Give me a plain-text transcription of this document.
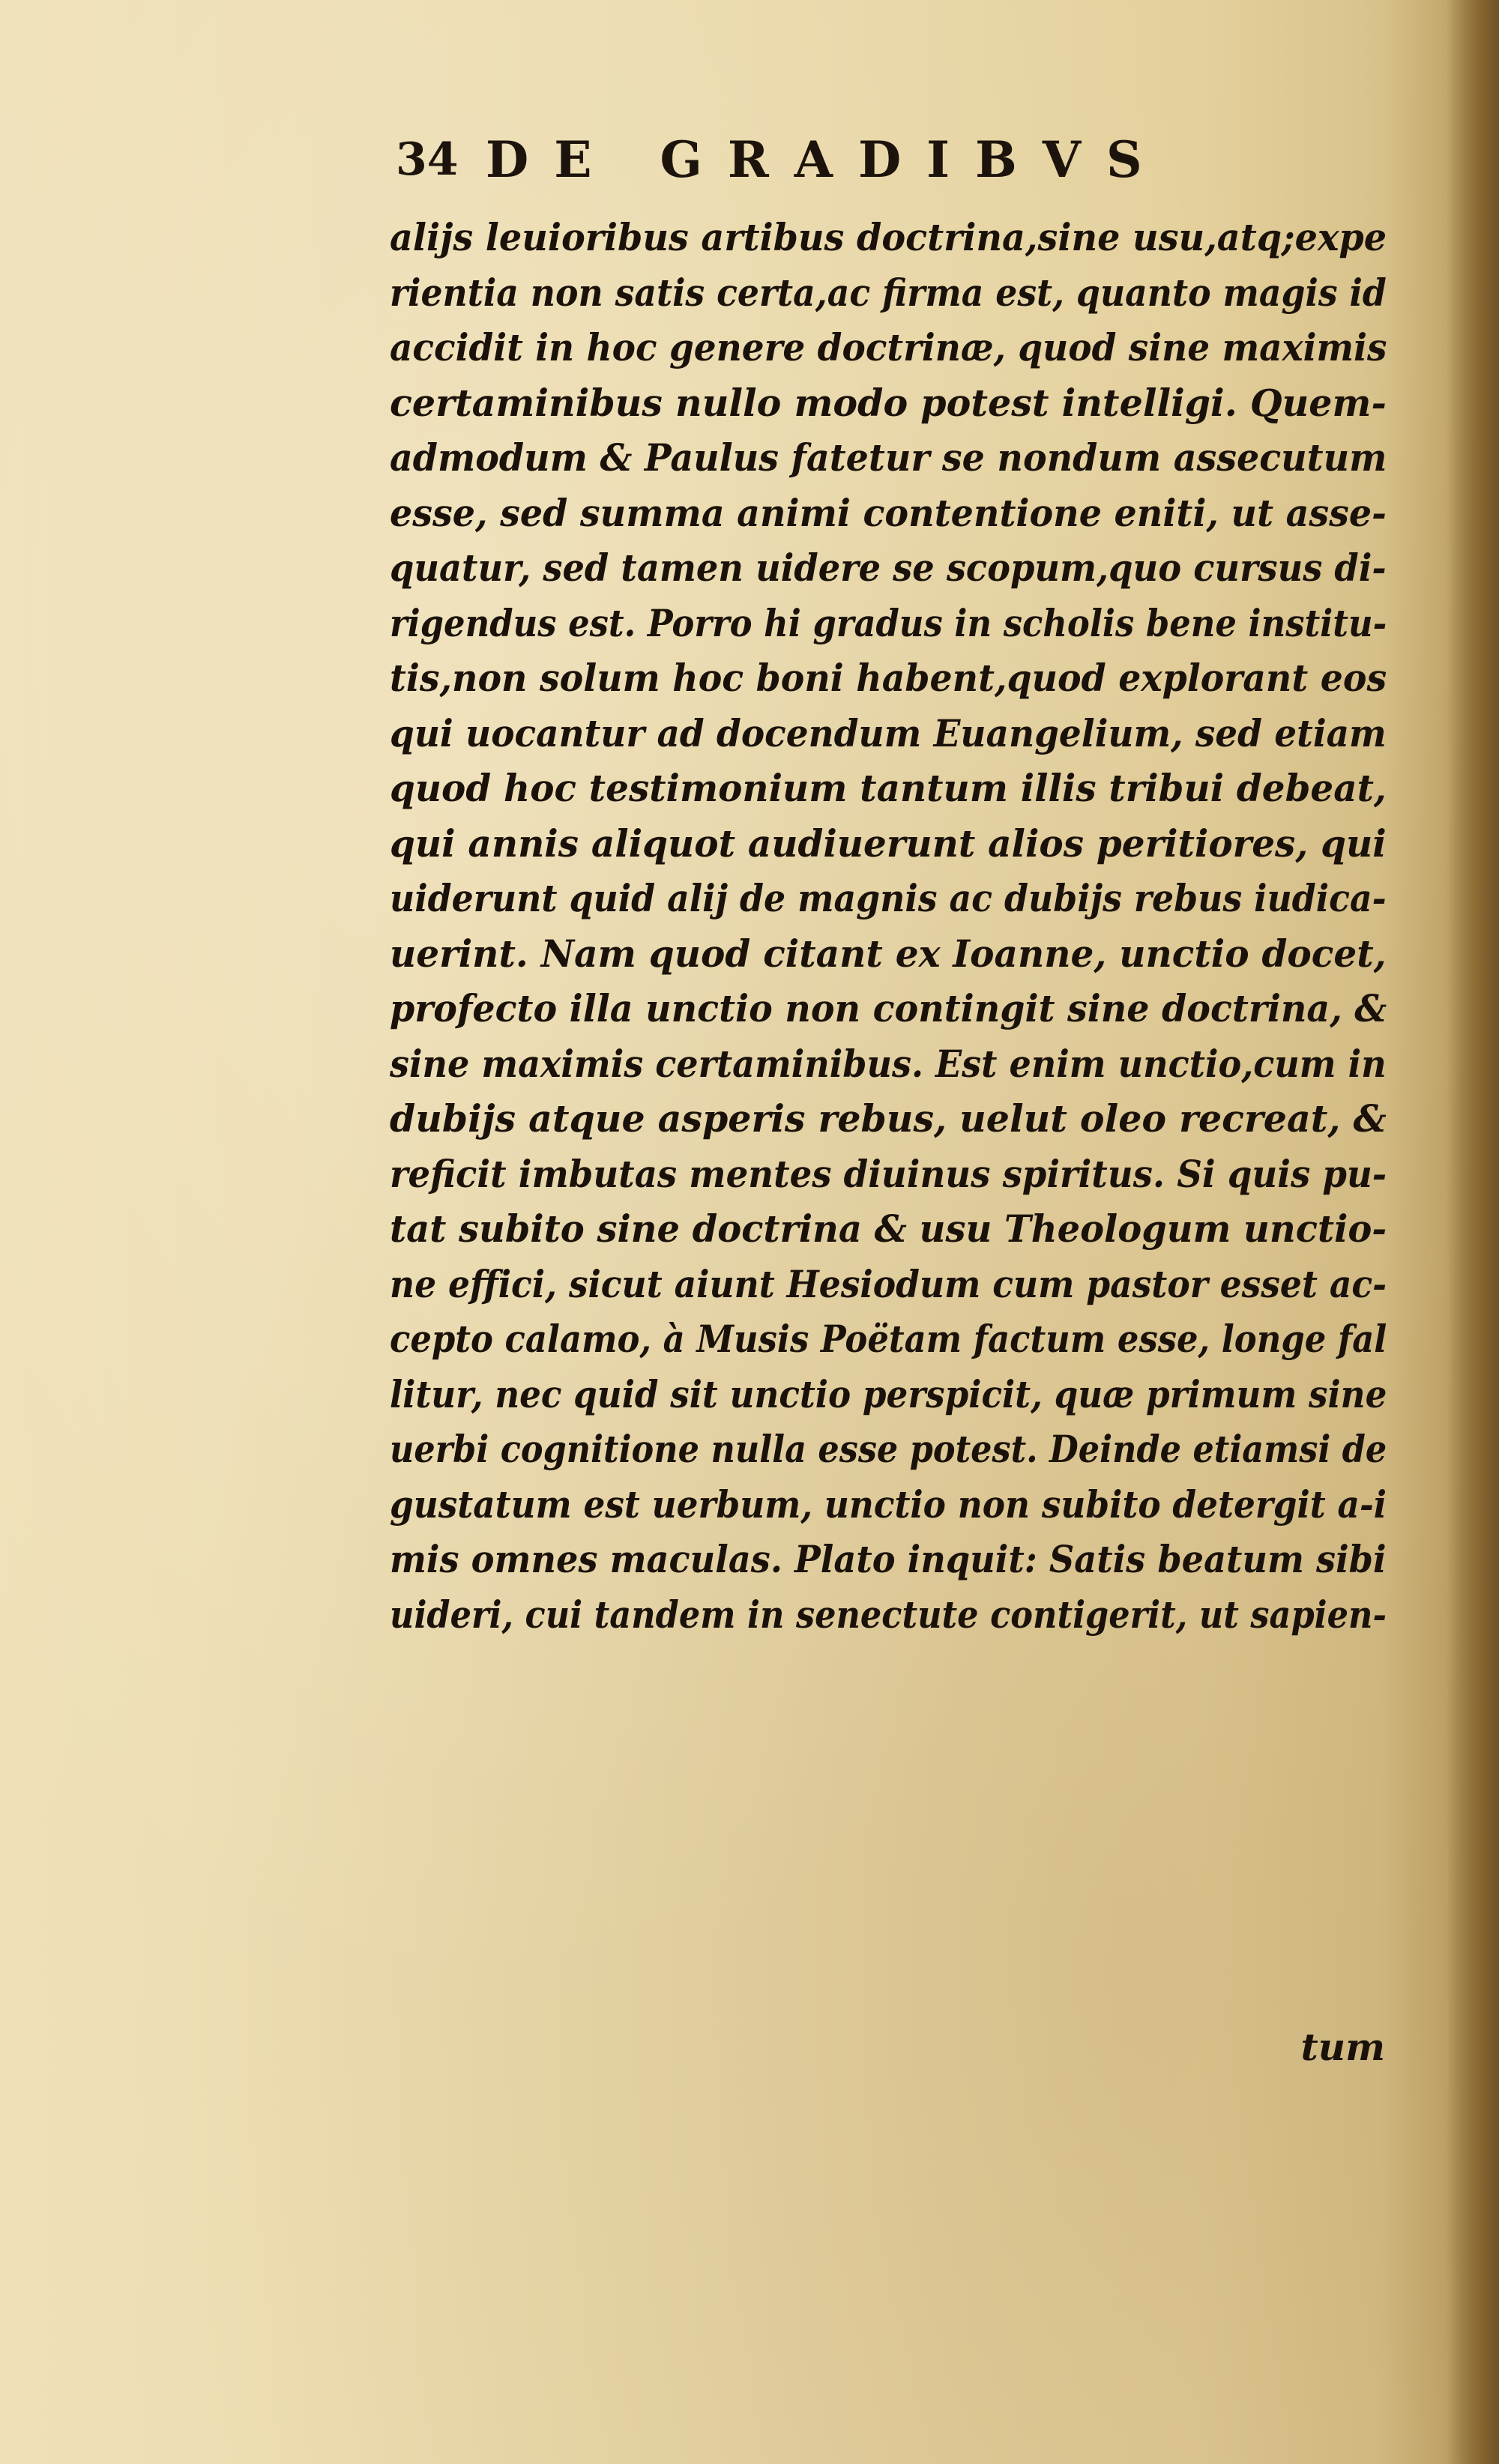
34 DE GRADIBVS
alijs leuioribus artibus doctrina,sine usu,atq;expe
rientia non satis certa,ac firma est, quanto magis id
accidit in hoc genere doctrinæ, quod sine maximis
certaminibus nullo modo potest intelligi. Quem-
admodum & Paulus fatetur se nondum assecutum
esse, sed summa animi contentione eniti, ut asse-
quatur, sed tamen uidere se scopum,quo cursus di-
rigendus est. Porro hi gradus in scholis bene institu-
tis,non solum hoc boni habent,quod explorant eos
qui uocantur ad docendum Euangelium, sed etiam
quod hoc testimonium tantum illis tribui debeat,
qui annis aliquot audiuerunt alios peritiores, qui
uiderunt quid alij de magnis ac dubijs rebus iudica-
uerint. Nam quod citant ex Ioanne, unctio docet,
profecto illa unctio non contingit sine doctrina, &
sine maximis certaminibus. Est enim unctio,cum in
dubijs atque asperis rebus, uelut oleo recreat, &
reficit imbutas mentes diuinus spiritus. Si quis pu-
tat subito sine doctrina & usu Theologum unctio-
ne effici, sicut aiunt Hesiodum cum pastor esset ac-
cepto calamo, à Musis Poëtam factum esse, longe fal
litur, nec quid sit unctio perspicit, quæ primum sine
uerbi cognitione nulla esse potest. Deinde etiamsi de
gustatum est uerbum, unctio non subito detergit a-i
mis omnes maculas. Plato inquit: Satis beatum sibi
uideri, cui tandem in senectute contigerit, ut sapien-
tum
